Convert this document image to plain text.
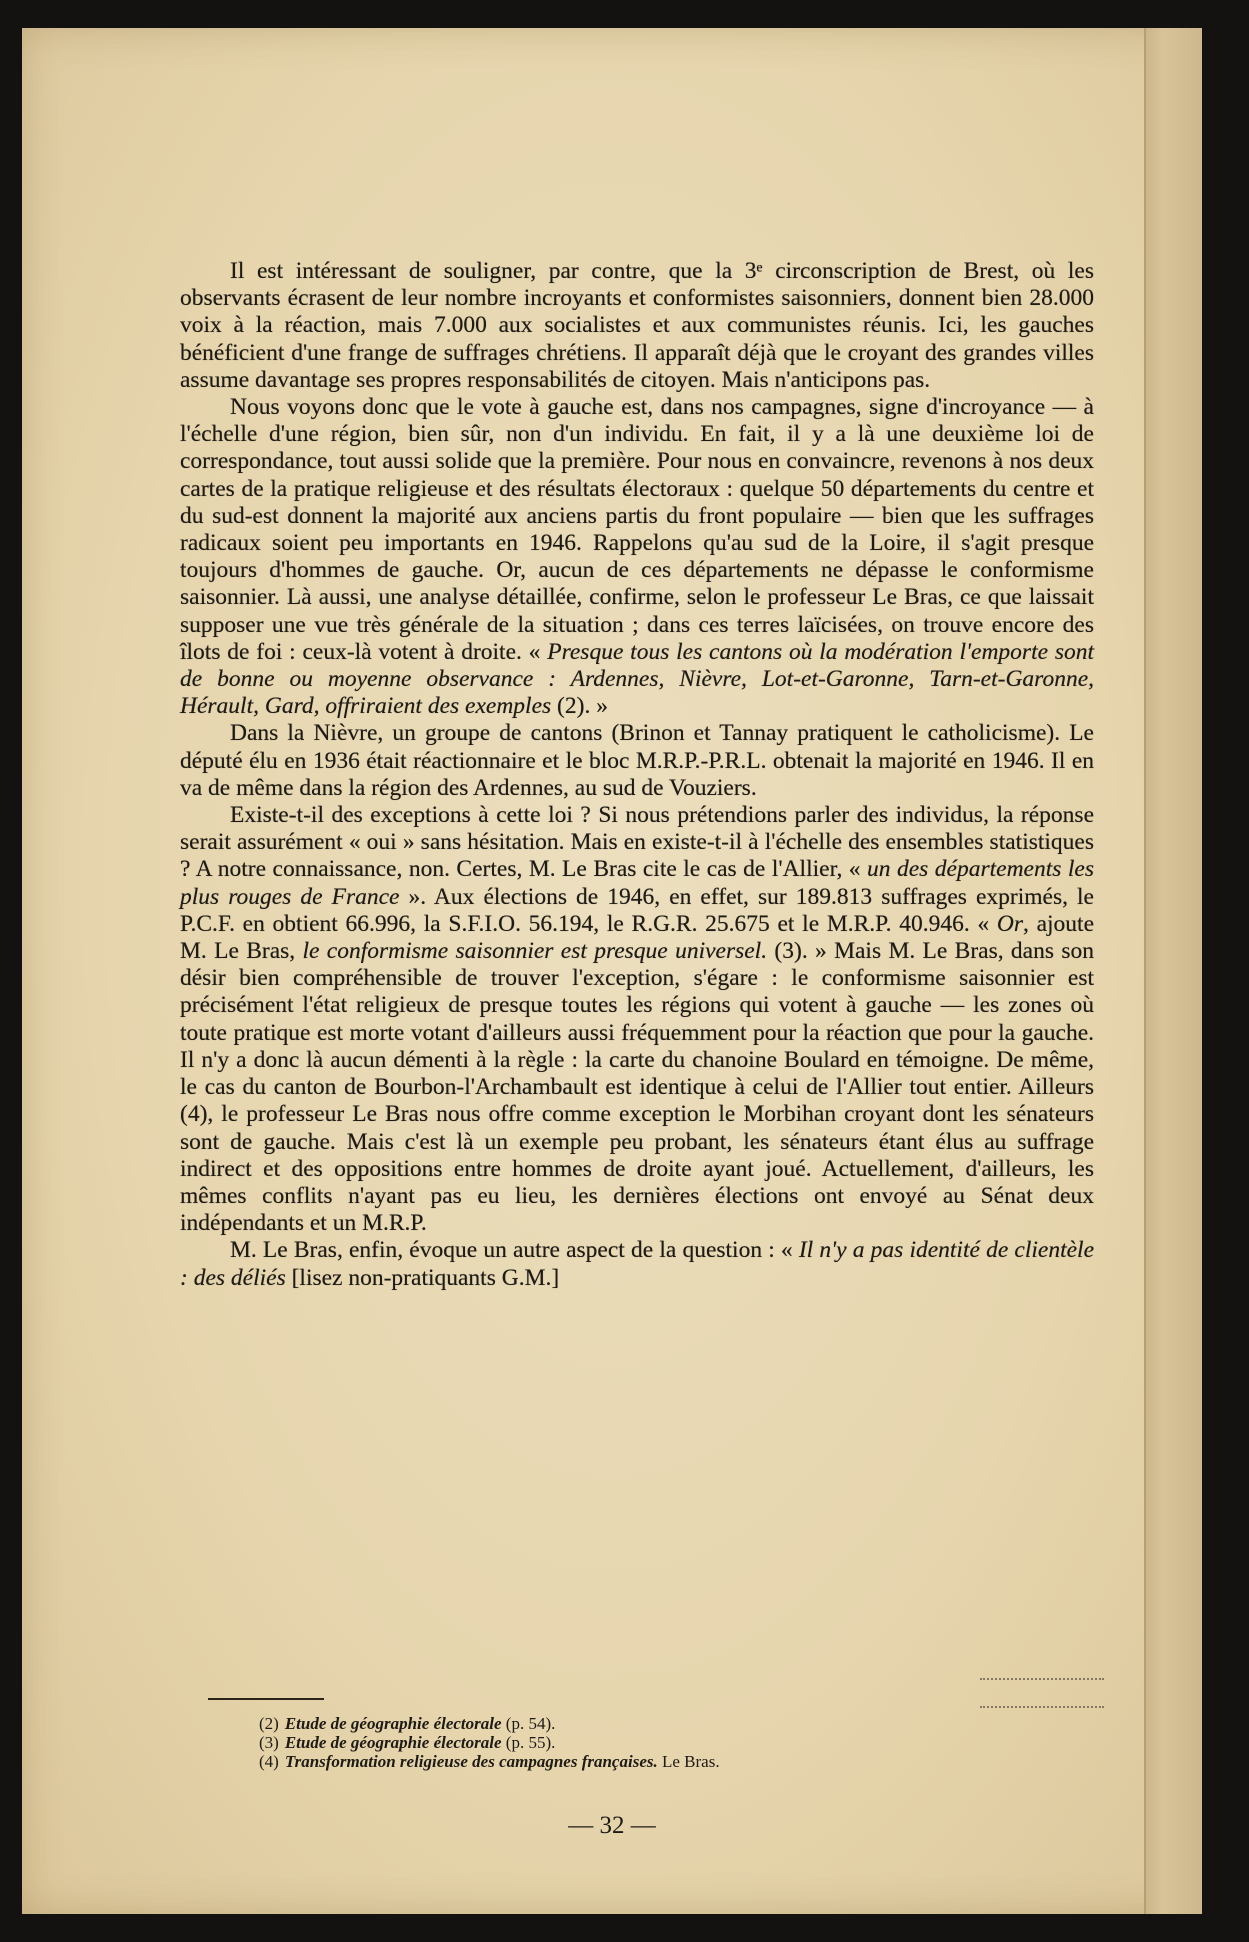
Il est intéressant de souligner, par contre, que la 3ᵉ circonscription de Brest, où les observants écrasent de leur nombre incroyants et conformistes saisonniers, donnent bien 28.000 voix à la réaction, mais 7.000 aux socialistes et aux communistes réunis. Ici, les gauches bénéficient d'une frange de suffrages chrétiens. Il apparaît déjà que le croyant des grandes villes assume davantage ses propres responsabilités de citoyen. Mais n'anticipons pas.

Nous voyons donc que le vote à gauche est, dans nos campagnes, signe d'incroyance — à l'échelle d'une région, bien sûr, non d'un individu. En fait, il y a là une deuxième loi de correspondance, tout aussi solide que la première. Pour nous en convaincre, revenons à nos deux cartes de la pratique religieuse et des résultats électoraux : quelque 50 départements du centre et du sud-est donnent la majorité aux anciens partis du front populaire — bien que les suffrages radicaux soient peu importants en 1946. Rappelons qu'au sud de la Loire, il s'agit presque toujours d'hommes de gauche. Or, aucun de ces départements ne dépasse le conformisme saisonnier. Là aussi, une analyse détaillée, confirme, selon le professeur Le Bras, ce que laissait supposer une vue très générale de la situation ; dans ces terres laïcisées, on trouve encore des îlots de foi : ceux-là votent à droite. « Presque tous les cantons où la modération l'emporte sont de bonne ou moyenne observance : Ardennes, Nièvre, Lot-et-Garonne, Tarn-et-Garonne, Hérault, Gard, offriraient des exemples (2). »

Dans la Nièvre, un groupe de cantons (Brinon et Tannay pratiquent le catholicisme). Le député élu en 1936 était réactionnaire et le bloc M.R.P.-P.R.L. obtenait la majorité en 1946. Il en va de même dans la région des Ardennes, au sud de Vouziers.

Existe-t-il des exceptions à cette loi ? Si nous prétendions parler des individus, la réponse serait assurément « oui » sans hésitation. Mais en existe-t-il à l'échelle des ensembles statistiques ? A notre connaissance, non. Certes, M. Le Bras cite le cas de l'Allier, « un des départements les plus rouges de France ». Aux élections de 1946, en effet, sur 189.813 suffrages exprimés, le P.C.F. en obtient 66.996, la S.F.I.O. 56.194, le R.G.R. 25.675 et le M.R.P. 40.946. « Or, ajoute M. Le Bras, le conformisme saisonnier est presque universel. (3). » Mais M. Le Bras, dans son désir bien compréhensible de trouver l'exception, s'égare : le conformisme saisonnier est précisément l'état religieux de presque toutes les régions qui votent à gauche — les zones où toute pratique est morte votant d'ailleurs aussi fréquemment pour la réaction que pour la gauche. Il n'y a donc là aucun démenti à la règle : la carte du chanoine Boulard en témoigne. De même, le cas du canton de Bourbon-l'Archambault est identique à celui de l'Allier tout entier. Ailleurs (4), le professeur Le Bras nous offre comme exception le Morbihan croyant dont les sénateurs sont de gauche. Mais c'est là un exemple peu probant, les sénateurs étant élus au suffrage indirect et des oppositions entre hommes de droite ayant joué. Actuellement, d'ailleurs, les mêmes conflits n'ayant pas eu lieu, les dernières élections ont envoyé au Sénat deux indépendants et un M.R.P.

M. Le Bras, enfin, évoque un autre aspect de la question : « Il n'y a pas identité de clientèle : des déliés [lisez non-pratiquants G.M.]

(2) Etude de géographie électorale (p. 54).
(3) Etude de géographie électorale (p. 55).
(4) Transformation religieuse des campagnes françaises. Le Bras.
— 32 —
